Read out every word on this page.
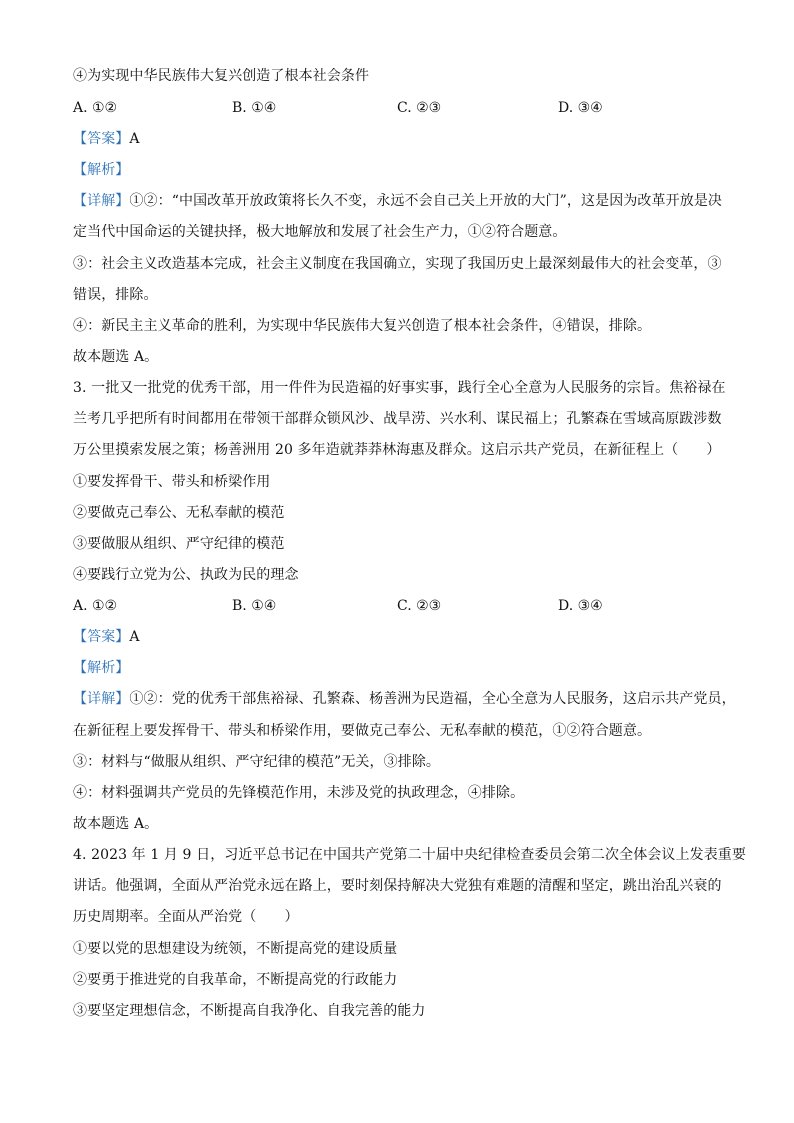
④为实现中华民族伟大复兴创造了根本社会条件
A. ①②	B. ①④	C. ②③	D. ③④
【答案】A
【解析】
【详解】①②：“中国改革开放政策将长久不变，永远不会自己关上开放的大门”，这是因为改革开放是决
定当代中国命运的关键抉择，极大地解放和发展了社会生产力，①②符合题意。
③：社会主义改造基本完成，社会主义制度在我国确立，实现了我国历史上最深刻最伟大的社会变革，③
错误，排除。
④：新民主主义革命的胜利，为实现中华民族伟大复兴创造了根本社会条件，④错误，排除。
故本题选 A。
3. 一批又一批党的优秀干部，用一件件为民造福的好事实事，践行全心全意为人民服务的宗旨。焦裕禄在
兰考几乎把所有时间都用在带领干部群众锁风沙、战旱涝、兴水利、谋民福上；孔繁森在雪域高原跋涉数
万公里摸索发展之策；杨善洲用 20 多年造就莽莽林海惠及群众。这启示共产党员，在新征程上（　　）
①要发挥骨干、带头和桥梁作用
②要做克己奉公、无私奉献的模范
③要做服从组织、严守纪律的模范
④要践行立党为公、执政为民的理念
A. ①②	B. ①④	C. ②③	D. ③④
【答案】A
【解析】
【详解】①②：党的优秀干部焦裕禄、孔繁森、杨善洲为民造福，全心全意为人民服务，这启示共产党员，
在新征程上要发挥骨干、带头和桥梁作用，要做克己奉公、无私奉献的模范，①②符合题意。
③：材料与“做服从组织、严守纪律的模范”无关，③排除。
④：材料强调共产党员的先锋模范作用，未涉及党的执政理念，④排除。
故本题选 A。
4. 2023 年 1 月 9 日，习近平总书记在中国共产党第二十届中央纪律检查委员会第二次全体会议上发表重要
讲话。他强调，全面从严治党永远在路上，要时刻保持解决大党独有难题的清醒和坚定，跳出治乱兴衰的
历史周期率。全面从严治党（　　）
①要以党的思想建设为统领，不断提高党的建设质量
②要勇于推进党的自我革命，不断提高党的行政能力
③要坚定理想信念，不断提高自我净化、自我完善的能力
